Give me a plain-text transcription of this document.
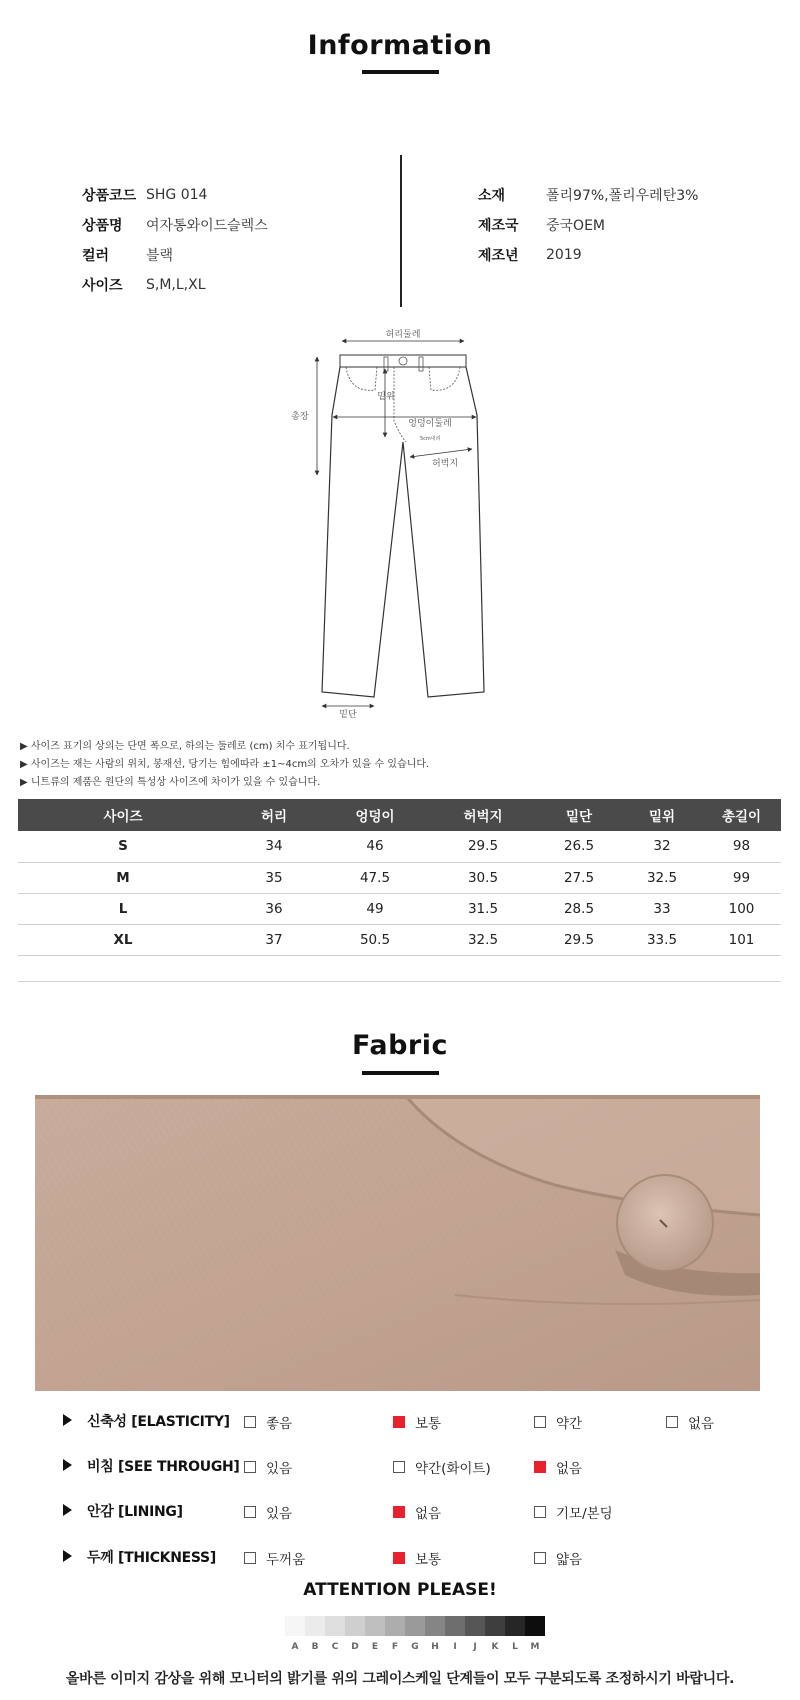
Information
상품코드 SHG 014
상품명	여자통와이드슬렉스
컬러	블랙
사이즈	S,M,L,XL
소재	폴리97%,폴리우레탄3%
제조국	중국OEM
제조년	2019
허리둘레
밑위
엉덩이둘레
총장
허벅지
5cm내려
밑단
▶ 사이즈 표기의 상의는 단면 폭으로, 하의는 둘레로 (cm) 치수 표기됩니다.
▶ 사이즈는 재는 사람의 위치, 봉재선, 당기는 힘에따라 ±1~4cm의 오차가 있을 수 있습니다.
▶ 니트류의 제품은 원단의 특성상 사이즈에 차이가 있을 수 있습니다.
사이즈	허리	엉덩이	허벅지	밑단	밑위	총길이
S	34	46	29.5	26.5	32	98
M	35	47.5	30.5	27.5	32.5	99
L	36	49	31.5	28.5	33	100
XL	37	50.5	32.5	29.5	33.5	101
Fabric
신축성 [ELASTICITY]	좋음	보통	약간	없음
비침 [SEE THROUGH] 있음	약간(화이트)	없음
안감 [LINING]	있음	없음	기모/본딩
두께 [THICKNESS]	두꺼움	보통	얇음
ATTENTION PLEASE!
A	B	C	D	E	F	G	H	I	J	K	L	M
올바른 이미지 감상을 위해 모니터의 밝기를 위의 그레이스케일 단계들이 모두 구분되도록 조정하시기 바랍니다.
